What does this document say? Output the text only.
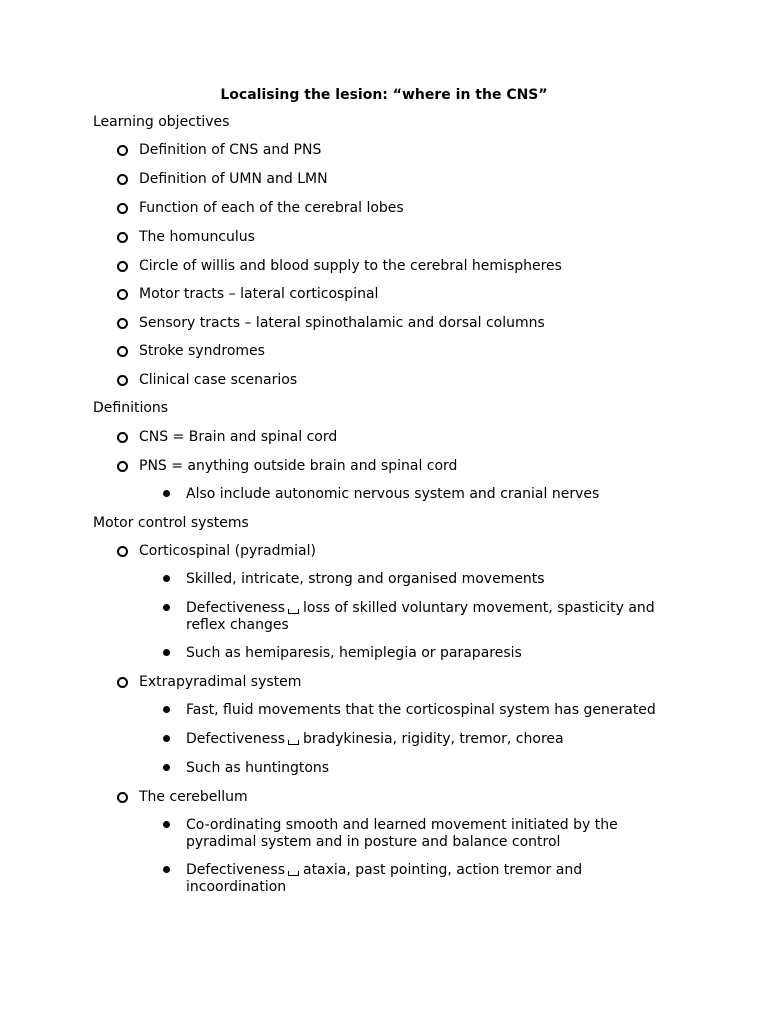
Localising the lesion: “where in the CNS”
Learning objectives
Definition of CNS and PNS
Definition of UMN and LMN
Function of each of the cerebral lobes
The homunculus
Circle of willis and blood supply to the cerebral hemispheres
Motor tracts – lateral corticospinal
Sensory tracts – lateral spinothalamic and dorsal columns
Stroke syndromes
Clinical case scenarios
Definitions
CNS = Brain and spinal cord
PNS = anything outside brain and spinal cord
Also include autonomic nervous system and cranial nerves
Motor control systems
Corticospinal (pyradmial)
Skilled, intricate, strong and organised movements
Defectiveness loss of skilled voluntary movement, spasticity and
reflex changes
Such as hemiparesis, hemiplegia or paraparesis
Extrapyradimal system
Fast, fluid movements that the corticospinal system has generated
Defectiveness bradykinesia, rigidity, tremor, chorea
Such as huntingtons
The cerebellum
Co-ordinating smooth and learned movement initiated by the
pyradimal system and in posture and balance control
Defectiveness ataxia, past pointing, action tremor and
incoordination
